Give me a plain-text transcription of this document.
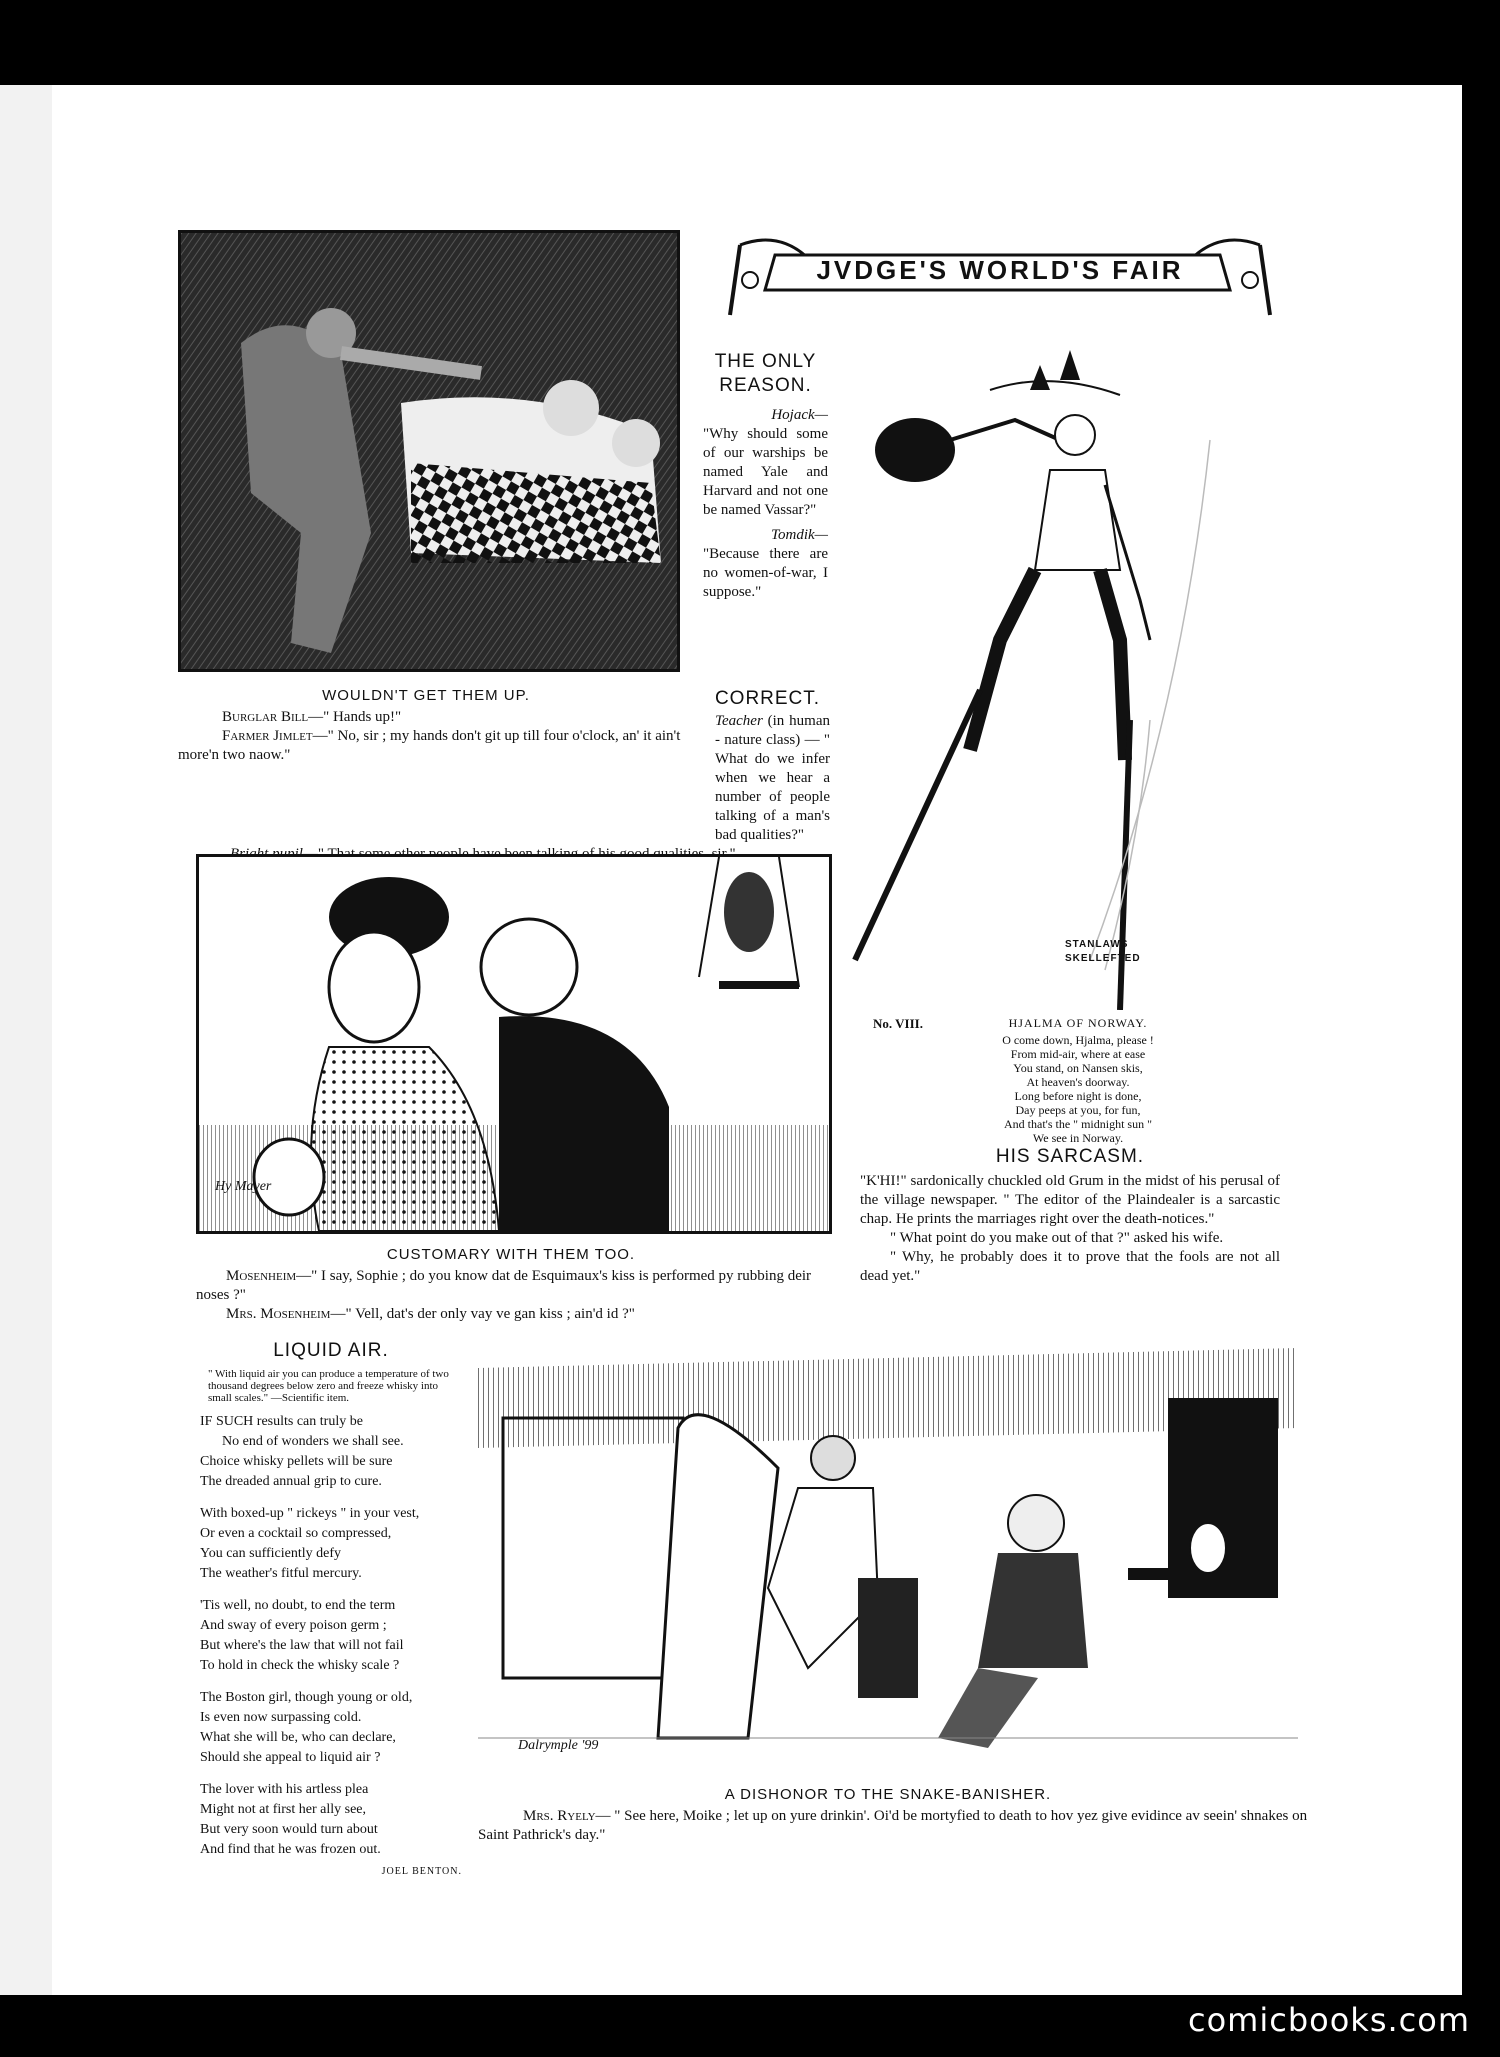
JVDGE'S WORLD'S FAIR
WOULDN'T GET THEM UP.
Burglar Bill—" Hands up!"
Farmer Jimlet—" No, sir ; my hands don't git up till four o'clock, an' it ain't more'n two naow."
THE ONLY REASON.
Hojack—
"Why should some of our warships be named Yale and Harvard and not one be named Vassar?"
Tomdik—
"Because there are no women-of-war, I suppose."
CORRECT.
Teacher (in human - nature class) — " What do we infer when we hear a number of people talking of a man's bad qualities?"
STANLAWS SKELLEFTED
No. VIII.	HJALMA OF NORWAY.
O come down, Hjalma, please !
From mid-air, where at ease
You stand, on Nansen skis,
At heaven's doorway.
Long before night is done,
Day peeps at you, for fun,
And that's the " midnight sun "
We see in Norway.
Hy Mayer
CUSTOMARY WITH THEM TOO.
Mosenheim—" I say, Sophie ; do you know dat de Esquimaux's kiss is performed py rubbing deir noses ?"
Mrs. Mosenheim—" Vell, dat's der only vay ve gan kiss ; ain'd id ?"
HIS SARCASM.
"K'HI!" sardonically chuckled old Grum in the midst of his perusal of the village newspaper. " The editor of the Plaindealer is a sarcastic chap. He prints the marriages right over the death-notices."
" What point do you make out of that ?" asked his wife.
" Why, he probably does it to prove that the fools are not all dead yet."
LIQUID AIR.
" With liquid air you can produce a temperature of two thousand degrees below zero and freeze whisky into small scales." —Scientific item.
IF SUCH results can truly be
No end of wonders we shall see.
Choice whisky pellets will be sure
The dreaded annual grip to cure.
With boxed-up " rickeys " in your vest,
Or even a cocktail so compressed,
You can sufficiently defy
The weather's fitful mercury.
'Tis well, no doubt, to end the term
And sway of every poison germ ;
But where's the law that will not fail
To hold in check the whisky scale ?
The Boston girl, though young or old,
Is even now surpassing cold.
What she will be, who can declare,
Should she appeal to liquid air ?
The lover with his artless plea
Might not at first her ally see,
But very soon would turn about
And find that he was frozen out.
JOEL BENTON.
Dalrymple '99
A DISHONOR TO THE SNAKE-BANISHER.
Mrs. Ryely— " See here, Moike ; let up on yure drinkin'. Oi'd be mortyfied to death to hov yez give evidince av seein' shnakes on Saint Pathrick's day."
comicbooks.com
